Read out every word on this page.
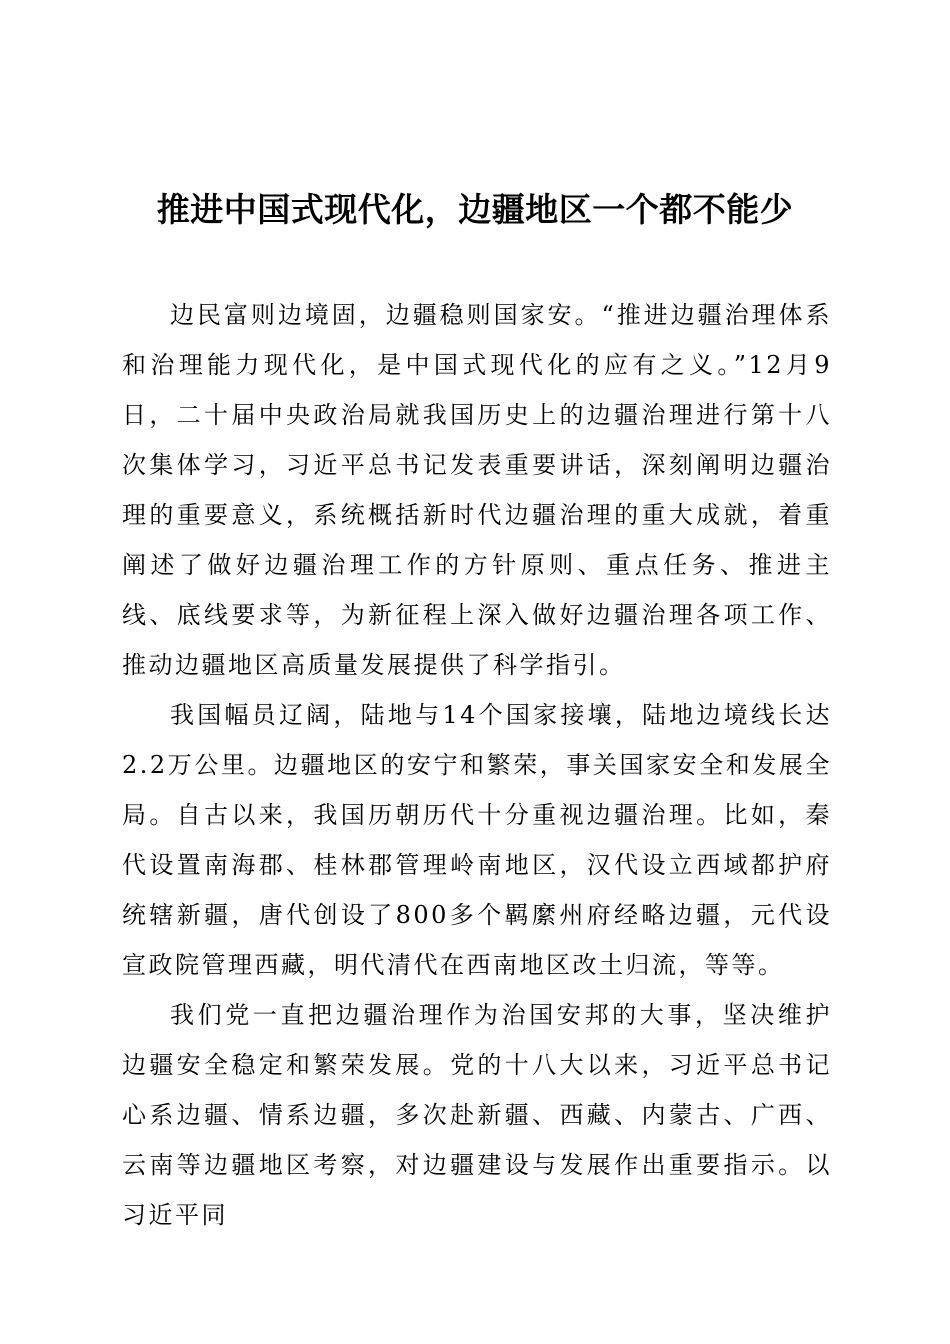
推进中国式现代化，边疆地区一个都不能少

边民富则边境固，边疆稳则国家安。“推进边疆治理体系和治理能力现代化，是中国式现代化的应有之义。”12月9日，二十届中央政治局就我国历史上的边疆治理进行第十八次集体学习，习近平总书记发表重要讲话，深刻阐明边疆治理的重要意义，系统概括新时代边疆治理的重大成就，着重阐述了做好边疆治理工作的方针原则、重点任务、推进主线、底线要求等，为新征程上深入做好边疆治理各项工作、推动边疆地区高质量发展提供了科学指引。

我国幅员辽阔，陆地与14个国家接壤，陆地边境线长达2.2万公里。边疆地区的安宁和繁荣，事关国家安全和发展全局。自古以来，我国历朝历代十分重视边疆治理。比如，秦代设置南海郡、桂林郡管理岭南地区，汉代设立西域都护府统辖新疆，唐代创设了800多个羁縻州府经略边疆，元代设宣政院管理西藏，明代清代在西南地区改土归流，等等。

我们党一直把边疆治理作为治国安邦的大事，坚决维护边疆安全稳定和繁荣发展。党的十八大以来，习近平总书记心系边疆、情系边疆，多次赴新疆、西藏、内蒙古、广西、云南等边疆地区考察，对边疆建设与发展作出重要指示。以习近平同
